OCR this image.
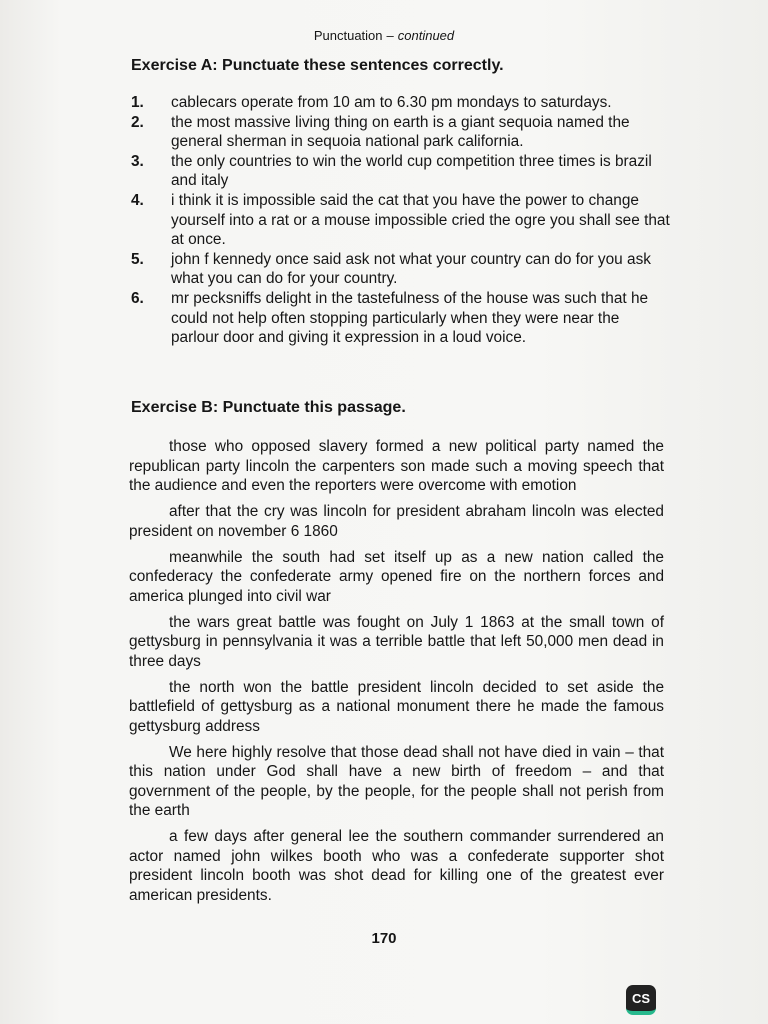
Punctuation – continued
Exercise A: Punctuate these sentences correctly.
1. cablecars operate from 10 am to 6.30 pm mondays to saturdays.
2. the most massive living thing on earth is a giant sequoia named the general sherman in sequoia national park california.
3. the only countries to win the world cup competition three times is brazil and italy
4. i think it is impossible said the cat that you have the power to change yourself into a rat or a mouse impossible cried the ogre you shall see that at once.
5. john f kennedy once said ask not what your country can do for you ask what you can do for your country.
6. mr pecksniffs delight in the tastefulness of the house was such that he could not help often stopping particularly when they were near the parlour door and giving it expression in a loud voice.
Exercise B: Punctuate this passage.

those who opposed slavery formed a new political party named the republican party lincoln the carpenters son made such a moving speech that the audience and even the reporters were overcome with emotion

after that the cry was lincoln for president abraham lincoln was elected president on november 6 1860

meanwhile the south had set itself up as a new nation called the confederacy the confederate army opened fire on the northern forces and america plunged into civil war

the wars great battle was fought on July 1 1863 at the small town of gettysburg in pennsylvania it was a terrible battle that left 50,000 men dead in three days

the north won the battle president lincoln decided to set aside the battlefield of gettysburg as a national monument there he made the famous gettysburg address

We here highly resolve that those dead shall not have died in vain – that this nation under God shall have a new birth of freedom – and that government of the people, by the people, for the people shall not perish from the earth

a few days after general lee the southern commander surrendered an actor named john wilkes booth who was a confederate supporter shot president lincoln booth was shot dead for killing one of the greatest ever american presidents.

170
CS
